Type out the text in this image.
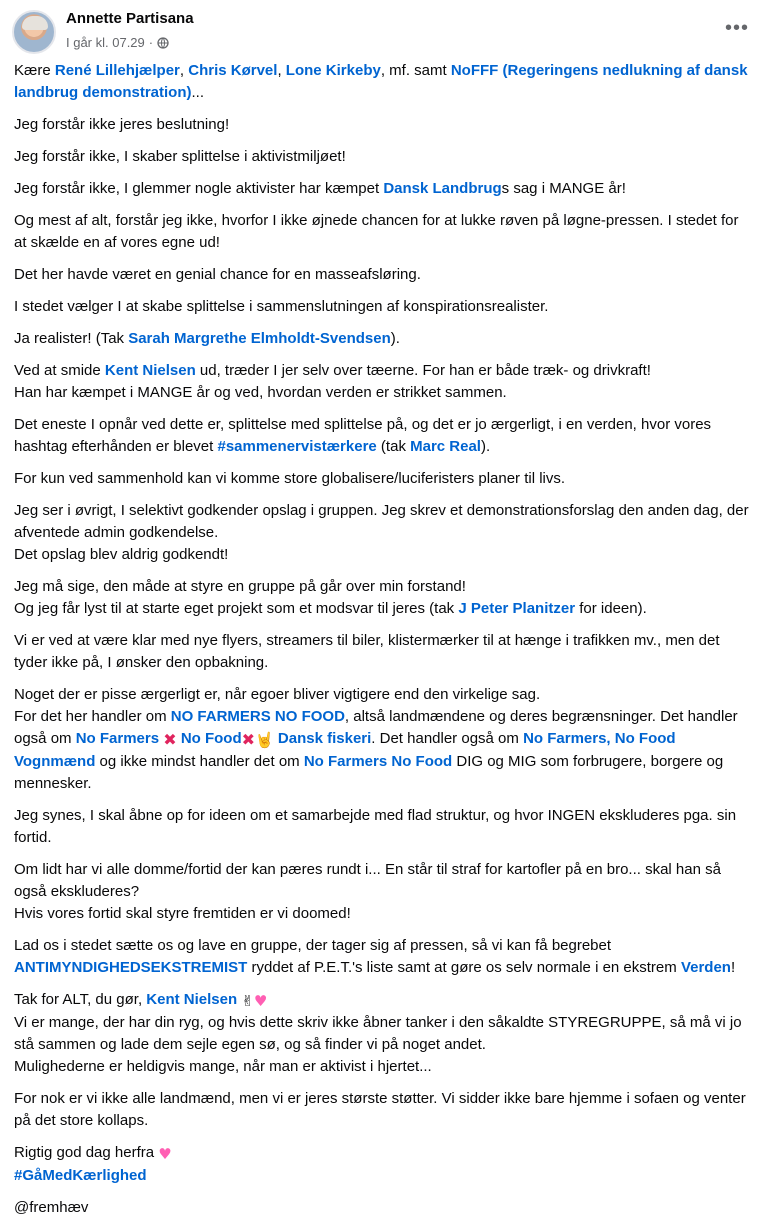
Annette Partisana
I går kl. 07.29 ·
•••

Kære René Lillehjælper, Chris Kørvel, Lone Kirkeby, mf. samt NoFFF (Regeringens nedlukning af dansk landbrug demonstration)...

Jeg forstår ikke jeres beslutning!

Jeg forstår ikke, I skaber splittelse i aktivistmiljøet!

Jeg forstår ikke, I glemmer nogle aktivister har kæmpet Dansk Landbrugs sag i MANGE år!

Og mest af alt, forstår jeg ikke, hvorfor I ikke øjnede chancen for at lukke røven på løgne-pressen. I stedet for at skælde en af vores egne ud!

Det her havde været en genial chance for en masseafsløring.

I stedet vælger I at skabe splittelse i sammenslutningen af konspirationsrealister.

Ja realister! (Tak Sarah Margrethe Elmholdt-Svendsen).

Ved at smide Kent Nielsen ud, træder I jer selv over tæerne. For han er både træk- og drivkraft!
Han har kæmpet i MANGE år og ved, hvordan verden er strikket sammen.

Det eneste I opnår ved dette er, splittelse med splittelse på, og det er jo ærgerligt, i en verden, hvor vores hashtag efterhånden er blevet #sammenervistærkere (tak Marc Real).

For kun ved sammenhold kan vi komme store globalisere/luciferisters planer til livs.

Jeg ser i øvrigt, I selektivt godkender opslag i gruppen. Jeg skrev et demonstrationsforslag den anden dag, der afventede admin godkendelse.
Det opslag blev aldrig godkendt!

Jeg må sige, den måde at styre en gruppe på går over min forstand!
Og jeg får lyst til at starte eget projekt som et modsvar til jeres (tak J Peter Planitzer for ideen).

Vi er ved at være klar med nye flyers, streamers til biler, klistermærker til at hænge i trafikken mv., men det tyder ikke på, I ønsker den opbakning.

Noget der er pisse ærgerligt er, når egoer bliver vigtigere end den virkelige sag.
For det her handler om NO FARMERS NO FOOD, altså landmændene og deres begrænsninger. Det handler også om No Farmers ✖ No Food✖🤘 Dansk fiskeri. Det handler også om No Farmers, No Food Vognmænd og ikke mindst handler det om No Farmers No Food DIG og MIG som forbrugere, borgere og mennesker.

Jeg synes, I skal åbne op for ideen om et samarbejde med flad struktur, og hvor INGEN ekskluderes pga. sin fortid.

Om lidt har vi alle domme/fortid der kan pæres rundt i... En står til straf for kartofler på en bro... skal han så også ekskluderes?
Hvis vores fortid skal styre fremtiden er vi doomed!

Lad os i stedet sætte os og lave en gruppe, der tager sig af pressen, så vi kan få begrebet ANTIMYNDIGHEDSEKSTREMIST ryddet af P.E.T.'s liste samt at gøre os selv normale i en ekstrem Verden!

Tak for ALT, du gør, Kent Nielsen ✌♥
Vi er mange, der har din ryg, og hvis dette skriv ikke åbner tanker i den såkaldte STYREGRUPPE, så må vi jo stå sammen og lade dem sejle egen sø, og så finder vi på noget andet.
Mulighederne er heldigvis mange, når man er aktivist i hjertet...

For nok er vi ikke alle landmænd, men vi er jeres største støtter. Vi sidder ikke bare hjemme i sofaen og venter på det store kollaps.

Rigtig god dag herfra ♥
#GåMedKærlighed

@fremhæv
